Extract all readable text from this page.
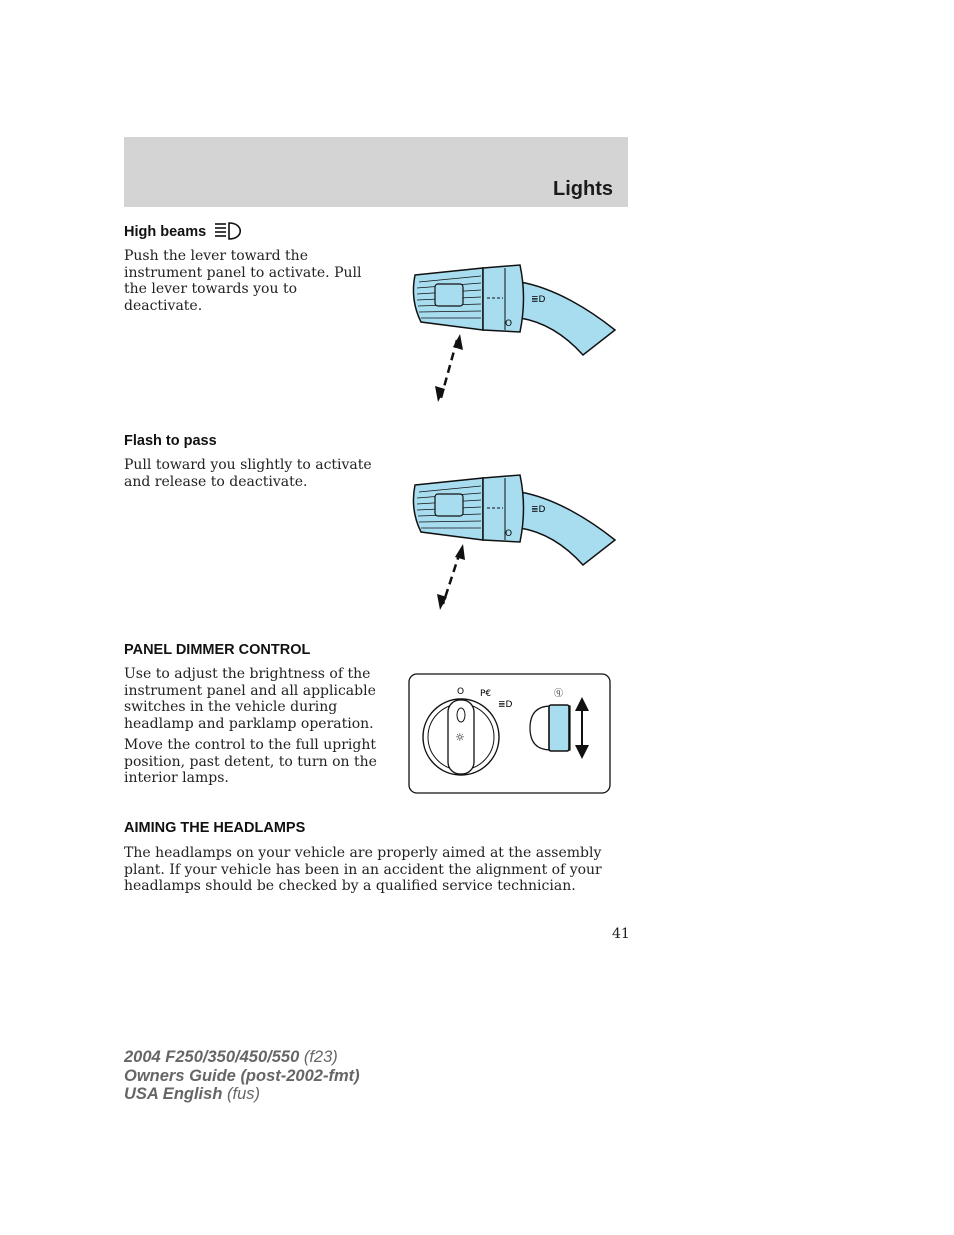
Lights
High beams

Push the lever toward the instrument panel to activate. Pull the lever towards you to deactivate.

O
≣D
Flash to pass

Pull toward you slightly to activate and release to deactivate.

O
≣D
PANEL DIMMER CONTROL

Use to adjust the brightness of the instrument panel and all applicable switches in the vehicle during headlamp and parklamp operation.

Move the control to the full upright position, past detent, to turn on the interior lamps.

☼
O P€
≣D
ⓠ
AIMING THE HEADLAMPS

The headlamps on your vehicle are properly aimed at the assembly plant. If your vehicle has been in an accident the alignment of your headlamps should be checked by a qualified service technician.

41
2004 F250/350/450/550 (f23)
Owners Guide (post-2002-fmt)
USA English (fus)
